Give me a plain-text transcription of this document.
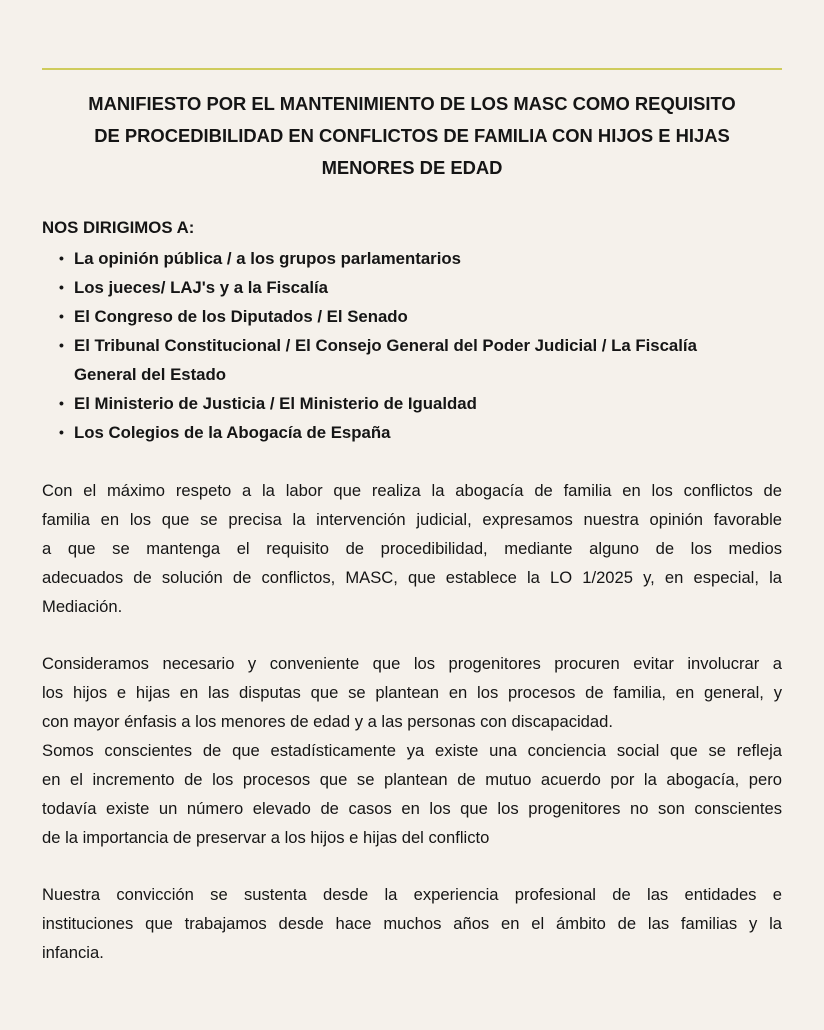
MANIFIESTO POR EL MANTENIMIENTO DE LOS MASC COMO REQUISITO
DE PROCEDIBILIDAD EN CONFLICTOS DE FAMILIA CON HIJOS E HIJAS
MENORES DE EDAD

NOS DIRIGIMOS A:

• La opinión pública / a los grupos parlamentarios
• Los jueces/ LAJ's y a la Fiscalía
• El Congreso de los Diputados / El Senado
• El Tribunal Constitucional / El Consejo General del Poder Judicial / La Fiscalía
General del Estado
• El Ministerio de Justicia / El Ministerio de Igualdad
• Los Colegios de la Abogacía de España

Con el máximo respeto a la labor que realiza la abogacía de familia en los conflictos de
familia en los que se precisa la intervención judicial, expresamos nuestra opinión favorable
a que se mantenga el requisito de procedibilidad, mediante alguno de los medios
adecuados de solución de conflictos, MASC, que establece la LO 1/2025 y, en especial, la
Mediación.

Consideramos necesario y conveniente que los progenitores procuren evitar involucrar a
los hijos e hijas en las disputas que se plantean en los procesos de familia, en general, y
con mayor énfasis a los menores de edad y a las personas con discapacidad.

Somos conscientes de que estadísticamente ya existe una conciencia social que se refleja
en el incremento de los procesos que se plantean de mutuo acuerdo por la abogacía, pero
todavía existe un número elevado de casos en los que los progenitores no son conscientes
de la importancia de preservar a los hijos e hijas del conflicto

Nuestra convicción se sustenta desde la experiencia profesional de las entidades e
instituciones que trabajamos desde hace muchos años en el ámbito de las familias y la
infancia.
